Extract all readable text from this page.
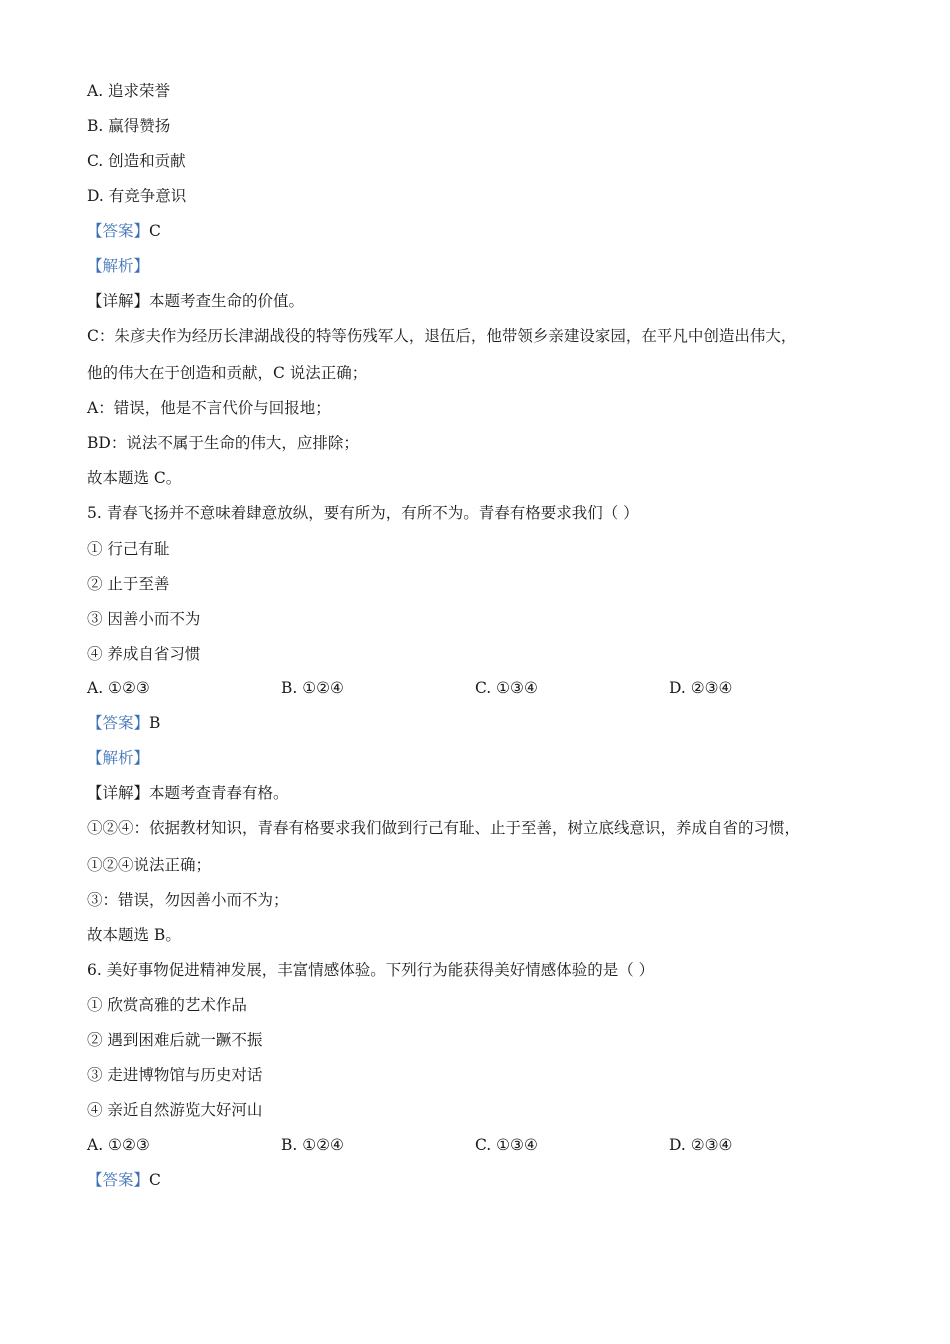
A. 追求荣誉
B. 赢得赞扬
C. 创造和贡献
D. 有竞争意识
【答案】C
【解析】
【详解】本题考查生命的价值。
C：朱彦夫作为经历长津湖战役的特等伤残军人，退伍后，他带领乡亲建设家园，在平凡中创造出伟大，
他的伟大在于创造和贡献，C 说法正确；
A：错误，他是不言代价与回报地；
BD：说法不属于生命的伟大，应排除；
故本题选 C。
5. 青春飞扬并不意味着肆意放纵，要有所为，有所不为。青春有格要求我们（ ）
① 行己有耻
② 止于至善
③ 因善小而不为
④ 养成自省习惯
A. ①②③	B. ①②④	C. ①③④	D. ②③④
【答案】B
【解析】
【详解】本题考查青春有格。
①②④：依据教材知识，青春有格要求我们做到行己有耻、止于至善，树立底线意识，养成自省的习惯，
①②④说法正确；
③：错误，勿因善小而不为；
故本题选 B。
6. 美好事物促进精神发展，丰富情感体验。下列行为能获得美好情感体验的是（ ）
① 欣赏高雅的艺术作品
② 遇到困难后就一蹶不振
③ 走进博物馆与历史对话
④ 亲近自然游览大好河山
A. ①②③	B. ①②④	C. ①③④	D. ②③④
【答案】C
